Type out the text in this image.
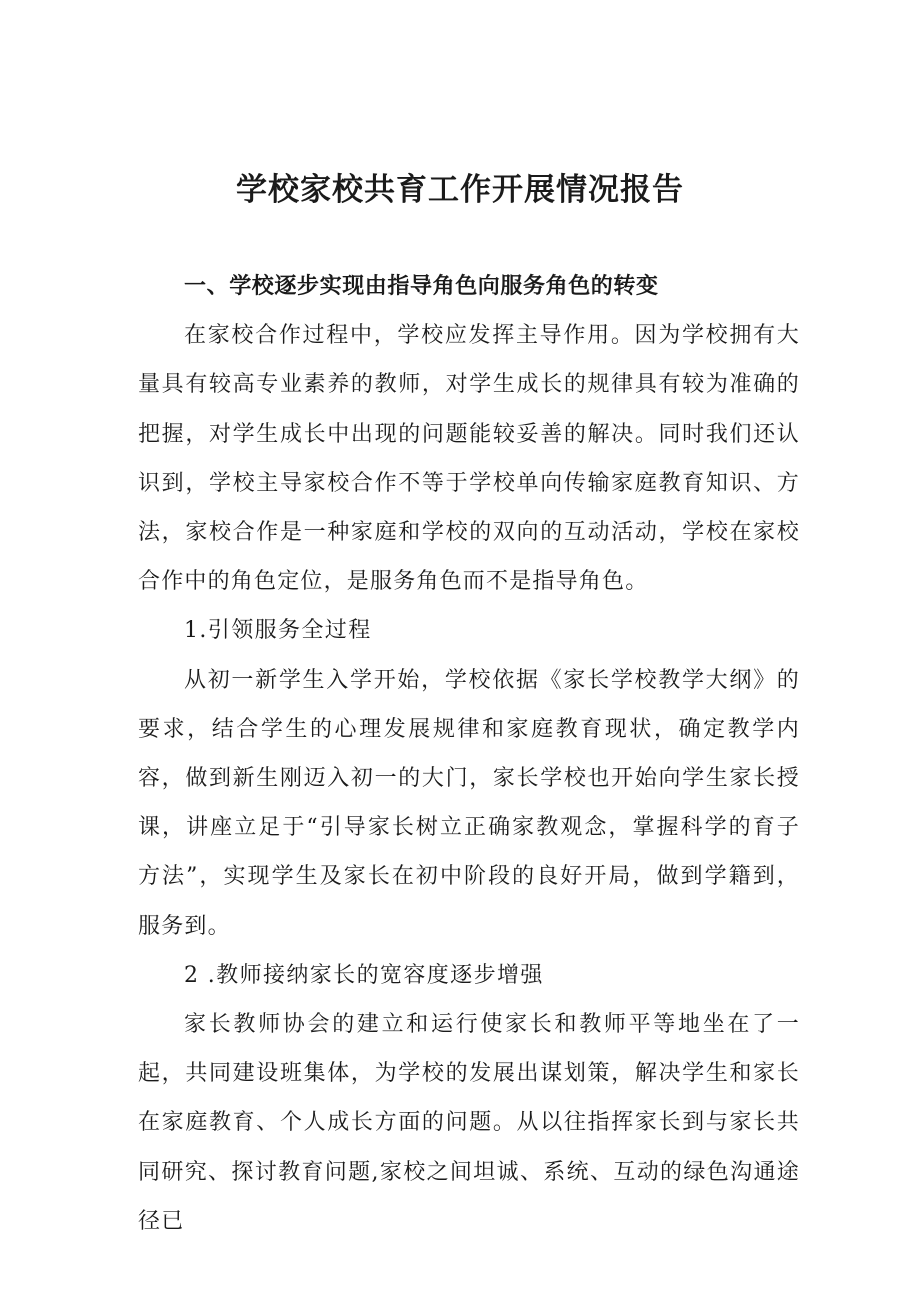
学校家校共育工作开展情况报告

一、学校逐步实现由指导角色向服务角色的转变

在家校合作过程中，学校应发挥主导作用。因为学校拥有大量具有较高专业素养的教师，对学生成长的规律具有较为准确的把握，对学生成长中出现的问题能较妥善的解决。同时我们还认识到，学校主导家校合作不等于学校单向传输家庭教育知识、方法，家校合作是一种家庭和学校的双向的互动活动，学校在家校合作中的角色定位，是服务角色而不是指导角色。

1.引领服务全过程

从初一新学生入学开始，学校依据《家长学校教学大纲》的要求，结合学生的心理发展规律和家庭教育现状，确定教学内容，做到新生刚迈入初一的大门，家长学校也开始向学生家长授课，讲座立足于“引导家长树立正确家教观念，掌握科学的育子方法”，实现学生及家长在初中阶段的良好开局，做到学籍到，服务到。

2 .教师接纳家长的宽容度逐步增强

家长教师协会的建立和运行使家长和教师平等地坐在了一起，共同建设班集体，为学校的发展出谋划策，解决学生和家长在家庭教育、个人成长方面的问题。从以往指挥家长到与家长共同研究、探讨教育问题,家校之间坦诚、系统、互动的绿色沟通途径已
